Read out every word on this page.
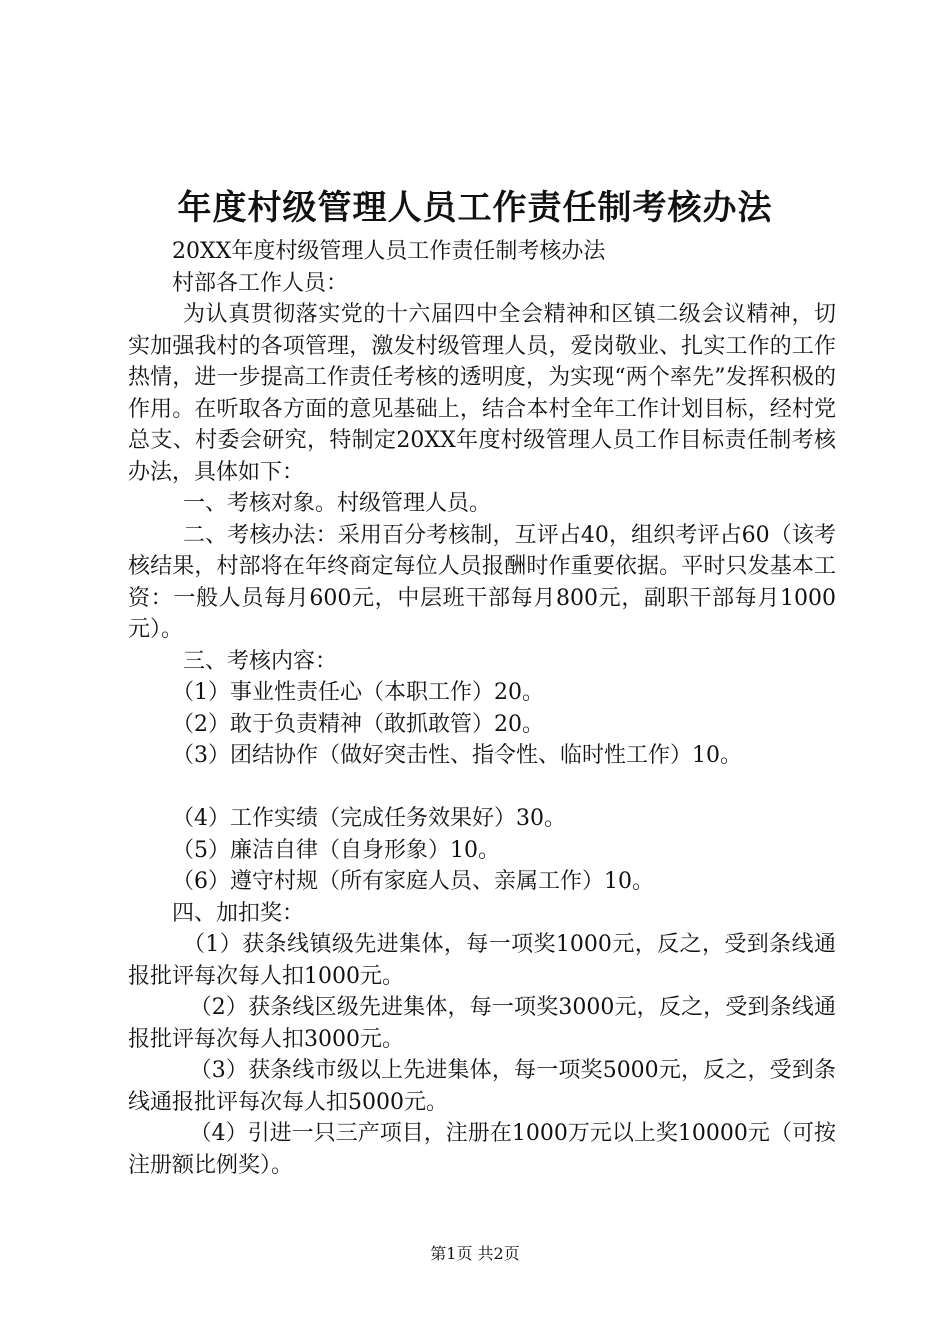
年度村级管理人员工作责任制考核办法

20XX年度村级管理人员工作责任制考核办法

村部各工作人员：

为认真贯彻落实党的十六届四中全会精神和区镇二级会议精神，切实加强我村的各项管理，激发村级管理人员，爱岗敬业、扎实工作的工作热情，进一步提高工作责任考核的透明度，为实现“两个率先”发挥积极的作用。在听取各方面的意见基础上，结合本村全年工作计划目标，经村党总支、村委会研究，特制定20XX年度村级管理人员工作目标责任制考核办法，具体如下：

一、考核对象。村级管理人员。

二、考核办法：采用百分考核制，互评占40，组织考评占60（该考核结果，村部将在年终商定每位人员报酬时作重要依据。平时只发基本工资：一般人员每月600元，中层班干部每月800元，副职干部每月1000元）。

三、考核内容：

（1）事业性责任心（本职工作）20。

（2）敢于负责精神（敢抓敢管）20。

（3）团结协作（做好突击性、指令性、临时性工作）10。

（4）工作实绩（完成任务效果好）30。

（5）廉洁自律（自身形象）10。

（6）遵守村规（所有家庭人员、亲属工作）10。

四、加扣奖：

（1）获条线镇级先进集体，每一项奖1000元，反之，受到条线通报批评每次每人扣1000元。

（2）获条线区级先进集体，每一项奖3000元，反之，受到条线通报批评每次每人扣3000元。

（3）获条线市级以上先进集体，每一项奖5000元，反之，受到条线通报批评每次每人扣5000元。

（4）引进一只三产项目，注册在1000万元以上奖10000元（可按注册额比例奖）。

第1页 共2页
